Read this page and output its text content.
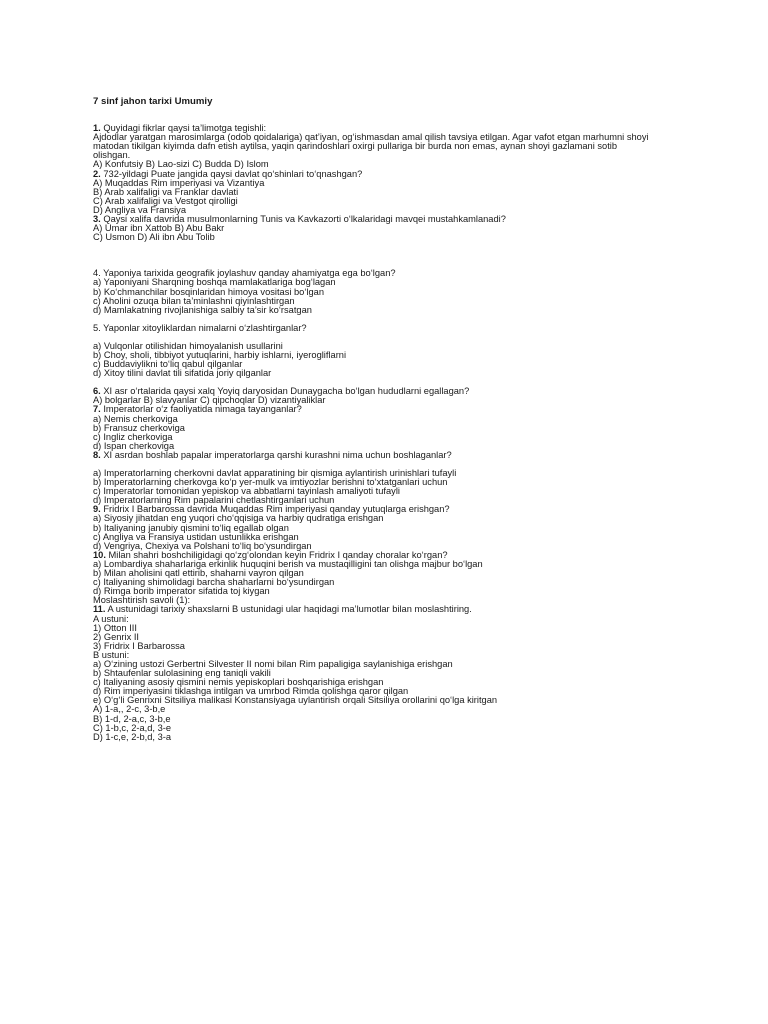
7 sinf jahon tarixi Umumiy
1. Quyidagi fikrlar qaysi ta’limotga tegishli:
Ajdodlar yaratgan marosimlarga (odob qoidalariga) qat’iyan, og‘ishmasdan amal qilish tavsiya etilgan. Agar vafot etgan marhumni shoyi matodan tikilgan kiyimda dafn etish aytilsa, yaqin qarindoshlari oxirgi pullariga bir burda non emas, aynan shoyi gazlamani sotib olishgan.
A) Konfutsiy B) Lao-sizi C) Budda D) Islom
2. 732-yildagi Puate jangida qaysi davlat qo‘shinlari to‘qnashgan?
A) Muqaddas Rim imperiyasi va Vizantiya
B) Arab xalifaligi va Franklar davlati
C) Arab xalifaligi va Vestgot qirolligi
D) Angliya va Fransiya
3. Qaysi xalifa davrida musulmonlarning Tunis va Kavkazorti o‘lkalaridagi mavqei mustahkamlanadi?
A) Umar ibn Xattob B) Abu Bakr
C) Usmon D) Ali ibn Abu Tolib
4. Yaponiya tarixida geografik joylashuv qanday ahamiyatga ega bo‘lgan?
a) Yaponiyani Sharqning boshqa mamlakatlariga bog‘lagan
b) Ko‘chmanchilar bosqinlaridan himoya vositasi bo‘lgan
c) Aholini ozuqa bilan ta’minlashni qiyinlashtirgan
d) Mamlakatning rivojlanishiga salbiy ta’sir ko‘rsatgan
5. Yaponlar xitoyliklardan nimalarni o‘zlashtirganlar?
a) Vulqonlar otilishidan himoyalanish usullarini
b) Choy, sholi, tibbiyot yutuqlarini, harbiy ishlarni, iyerogliflarni
c) Buddaviylikni to‘liq qabul qilganlar
d) Xitoy tilini davlat tili sifatida joriy qilganlar
6. XI asr o‘rtalarida qaysi xalq Yoyiq daryosidan Dunaygacha bo‘lgan hududlarni egallagan?
A) bolgarlar B) slavyanlar C) qipchoqlar D) vizantiyaliklar
7. Imperatorlar o‘z faoliyatida nimaga tayanganlar?
a) Nemis cherkoviga
b) Fransuz cherkoviga
c) Ingliz cherkoviga
d) Ispan cherkoviga
8. XI asrdan boshlab papalar imperatorlarga qarshi kurashni nima uchun boshlaganlar?
a) Imperatorlarning cherkovni davlat apparatining bir qismiga aylantirish urinishlari tufayli
b) Imperatorlarning cherkovga ko‘p yer-mulk va imtiyozlar berishni to‘xtatganlari uchun
c) Imperatorlar tomonidan yepiskop va abbatlarni tayinlash amaliyoti tufayli
d) Imperatorlarning Rim papalarini chetlashtirganlari uchun
9. Fridrix I Barbarossa davrida Muqaddas Rim imperiyasi qanday yutuqlarga erishgan?
a) Siyosiy jihatdan eng yuqori cho‘qqisiga va harbiy qudratiga erishgan
b) Italiyaning janubiy qismini to‘liq egallab olgan
c) Angliya va Fransiya ustidan ustunlikka erishgan
d) Vengriya, Chexiya va Polshani to‘liq bo‘ysundirgan
10. Milan shahri boshchiligidagi qo‘zg‘olondan keyin Fridrix I qanday choralar ko‘rgan?
a) Lombardiya shaharlariga erkinlik huquqini berish va mustaqilligini tan olishga majbur bo‘lgan
b) Milan aholisini qatl ettirib, shaharni vayron qilgan
c) Italiyaning shimolidagi barcha shaharlarni bo‘ysundirgan
d) Rimga borib imperator sifatida toj kiygan
Moslashtirish savoli (1):
11. A ustunidagi tarixiy shaxslarni B ustunidagi ular haqidagi ma’lumotlar bilan moslashtiring.
A ustuni:
1) Otton III
2) Genrix II
3) Fridrix I Barbarossa
B ustuni:
a) O‘zining ustozi Gerbertni Silvester II nomi bilan Rim papaligiga saylanishiga erishgan
b) Shtaufenlar sulolasining eng taniqli vakili
c) Italiyaning asosiy qismini nemis yepiskoplari boshqarishiga erishgan
d) Rim imperiyasini tiklashga intilgan va umrbod Rimda qolishga qaror qilgan
e) O‘g‘li Genrixni Sitsiliya malikasi Konstansiyaga uylantirish orqali Sitsiliya orollarini qo‘lga kiritgan
A) 1-a,, 2-c, 3-b,e
B) 1-d, 2-a,c, 3-b,e
C) 1-b,c, 2-a,d, 3-e
D) 1-c,e, 2-b,d, 3-a
